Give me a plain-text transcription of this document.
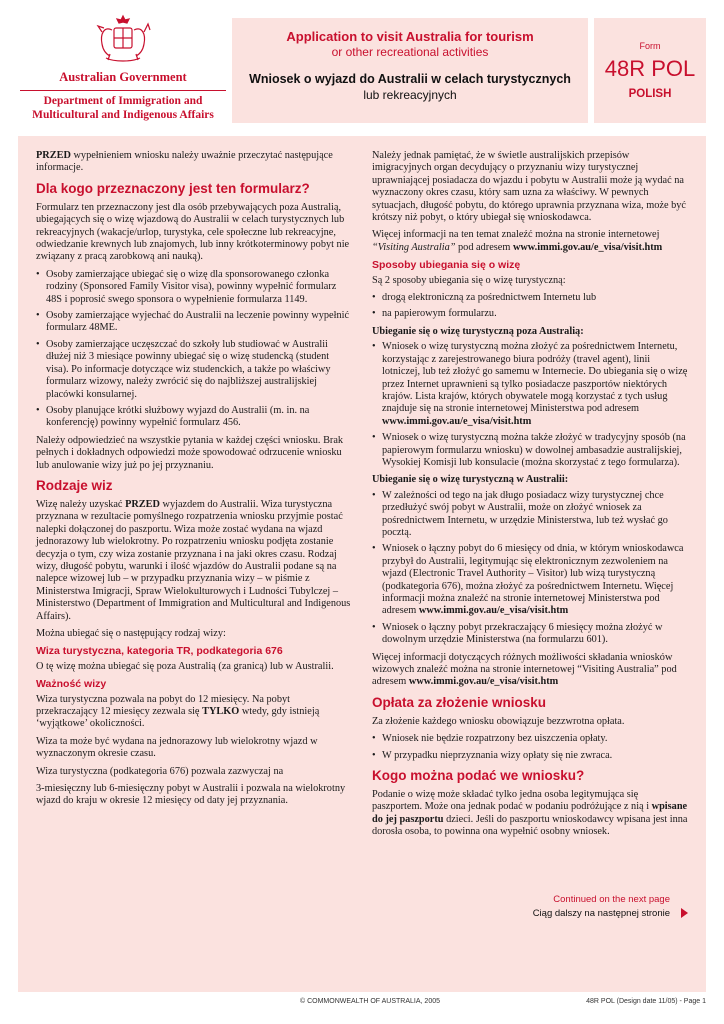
Australian Government
Department of Immigration and
Multicultural and Indigenous Affairs
Application to visit Australia for tourism
or other recreational activities
Wniosek o wyjazd do Australii w celach turystycznych
lub rekreacyjnych
Form
48R POL
POLISH

PRZED wypełnieniem wniosku należy uważnie przeczytać następujące informacje.

Dla kogo przeznaczony jest ten formularz?

Formularz ten przeznaczony jest dla osób przebywających poza Australią, ubiegających się o wizę wjazdową do Australii w celach turystycznych lub rekreacyjnych (wakacje/urlop, turystyka, cele społeczne lub rekreacyjne, odwiedzanie krewnych lub znajomych, lub inny krótkoterminowy pobyt nie związany z pracą zarobkową ani nauką).

• Osoby zamierzające ubiegać się o wizę dla sponsorowanego członka rodziny (Sponsored Family Visitor visa), powinny wypełnić formularz 48S i poprosić swego sponsora o wypełnienie formularza 1149.
• Osoby zamierzające wyjechać do Australii na leczenie powinny wypełnić formularz 48ME.
• Osoby zamierzające uczęszczać do szkoły lub studiować w Australii dłużej niż 3 miesiące powinny ubiegać się o wizę studencką (student visa). Po informacje dotyczące wiz studenckich, a także po właściwy formularz wizowy, należy zwrócić się do najbliższej australijskiej placówki konsularnej.
• Osoby planujące krótki służbowy wyjazd do Australii (m. in. na konferencję) powinny wypełnić formularz 456.

Należy odpowiedzieć na wszystkie pytania w każdej części wniosku. Brak pełnych i dokładnych odpowiedzi może spowodować odrzucenie wniosku lub anulowanie wizy już po jej przyznaniu.

Rodzaje wiz

Wizę należy uzyskać PRZED wyjazdem do Australii. Wiza turystyczna przyznana w rezultacie pomyślnego rozpatrzenia wniosku przyjmie postać nalepki dołączonej do paszportu. Wiza może zostać wydana na wjazd jednorazowy lub wielokrotny. Po rozpatrzeniu wniosku podjęta zostanie decyzja o tym, czy wiza zostanie przyznana i na jaki okres czasu. Rodzaj wizy, długość pobytu, warunki i ilość wjazdów do Australii podane są na nalepce wizowej lub – w przypadku przyznania wizy – w piśmie z Ministerstwa Imigracji, Spraw Wielokulturowych i Ludności Tubylczej – Ministerstwo (Department of Immigration and Multicultural and Indigenous Affairs).

Można ubiegać się o następujący rodzaj wizy:

Wiza turystyczna, kategoria TR, podkategoria 676

O tę wizę można ubiegać się poza Australią (za granicą) lub w Australii.

Ważność wizy

Wiza turystyczna pozwala na pobyt do 12 miesięcy. Na pobyt przekraczający 12 miesięcy zezwala się TYLKO wtedy, gdy istnieją ‘wyjątkowe’ okoliczności.

Wiza ta może być wydana na jednorazowy lub wielokrotny wjazd w wyznaczonym okresie czasu.

Wiza turystyczna (podkategoria 676) pozwala zazwyczaj na

3-miesięczny lub 6-miesięczny pobyt w Australii i pozwala na wielokrotny wjazd do kraju w okresie 12 miesięcy od daty jej przyznania.

Należy jednak pamiętać, że w świetle australijskich przepisów imigracyjnych organ decydujący o przyznaniu wizy turystycznej uprawniającej posiadacza do wjazdu i pobytu w Australii może ją wydać na wyznaczony okres czasu, który sam uzna za właściwy. W pewnych sytuacjach, długość pobytu, do którego uprawnia przyznana wiza, może być krótszy niż pobyt, o który ubiegał się wnioskodawca.

Więcej informacji na ten temat znaleźć można na stronie internetowej “Visiting Australia” pod adresem www.immi.gov.au/e_visa/visit.htm

Sposoby ubiegania się o wizę

Są 2 sposoby ubiegania się o wizę turystyczną:

• drogą elektroniczną za pośrednictwem Internetu lub
• na papierowym formularzu.
Ubieganie się o wizę turystyczną poza Australią:
• Wniosek o wizę turystyczną można złożyć za pośrednictwem Internetu, korzystając z zarejestrowanego biura podróży (travel agent), linii lotniczej, lub też złożyć go samemu w Internecie. Do ubiegania się o wizę przez Internet uprawnieni są tylko posiadacze paszportów niektórych krajów. Lista krajów, których obywatele mogą korzystać z tych usług znajduje się na stronie internetowej Ministerstwa pod adresem www.immi.gov.au/e_visa/visit.htm
• Wniosek o wizę turystyczną można także złożyć w tradycyjny sposób (na papierowym formularzu wniosku) w dowolnej ambasadzie australijskiej, Wysokiej Komisji lub konsulacie (można skorzystać z tego formularza).
Ubieganie się o wizę turystyczną w Australii:
• W zależności od tego na jak długo posiadacz wizy turystycznej chce przedłużyć swój pobyt w Australii, może on złożyć wniosek za pośrednictwem Internetu, w urzędzie Ministerstwa, lub też wysłać go pocztą.
• Wniosek o łączny pobyt do 6 miesięcy od dnia, w którym wnioskodawca przybył do Australii, legitymując się elektronicznym zezwoleniem na wjazd (Electronic Travel Authority – Visitor) lub wizą turystyczną (podkategoria 676), można złożyć za pośrednictwem Internetu. Więcej informacji można znaleźć na stronie internetowej Ministerstwa pod adresem www.immi.gov.au/e_visa/visit.htm
• Wniosek o łączny pobyt przekraczający 6 miesięcy można złożyć w dowolnym urzędzie Ministerstwa (na formularzu 601).

Więcej informacji dotyczących różnych możliwości składania wniosków wizowych znaleźć można na stronie internetowej “Visiting Australia” pod adresem www.immi.gov.au/e_visa/visit.htm

Opłata za złożenie wniosku

Za złożenie każdego wniosku obowiązuje bezzwrotna opłata.

• Wniosek nie będzie rozpatrzony bez uiszczenia opłaty.
• W przypadku nieprzyznania wizy opłaty się nie zwraca.
Kogo można podać we wniosku?

Podanie o wizę może składać tylko jedna osoba legitymująca się paszportem. Może ona jednak podać w podaniu podróżujące z nią i wpisane do jej paszportu dzieci. Jeśli do paszportu wnioskodawcy wpisana jest inna dorosła osoba, to powinna ona wypełnić osobny wniosek.

Continued on the next page
Ciąg dalszy na następnej stronie
© COMMONWEALTH OF AUSTRALIA, 2005	48R POL (Design date 11/05) - Page 1
